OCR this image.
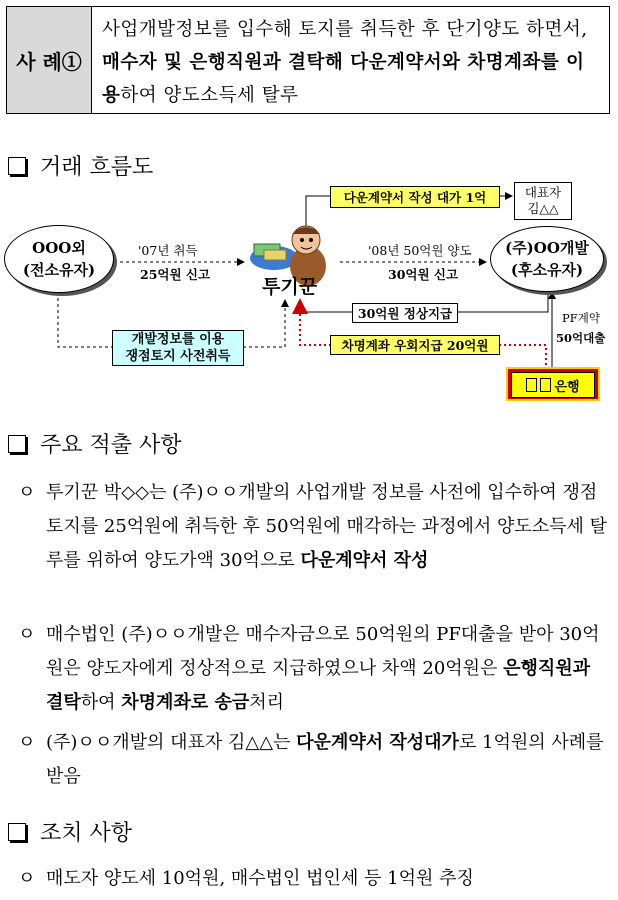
사 례①
사업개발정보를 입수해 토지를 취득한 후 단기양도 하면서, 매수자 및 은행직원과 결탁해 다운계약서와 차명계좌를 이용하여 양도소득세 탈루
거래 흐름도
OOO외
(전소유자)
'07년 취득
25억원 신고
투기꾼
'08년 50억원 양도
30억원 신고
(주)OO개발
(후소유자)
다운계약서 작성 대가 1억	대표자
김△△
30억원 정상지급
차명계좌 우회지급 20억원
PF계약
50억대출
은행
개발정보를 이용
쟁점토지 사전취득
주요 적출 사항
ㅇ 투기꾼 박◇◇는 (주)ㅇㅇ개발의 사업개발 정보를 사전에 입수하여 쟁점토지를 25억원에 취득한 후 50억원에 매각하는 과정에서 양도소득세 탈루를 위하여 양도가액 30억으로 다운계약서 작성
ㅇ 매수법인 (주)ㅇㅇ개발은 매수자금으로 50억원의 PF대출을 받아 30억원은 양도자에게 정상적으로 지급하였으나 차액 20억원은 은행직원과 결탁하여 차명계좌로 송금처리
ㅇ (주)ㅇㅇ개발의 대표자 김△△는 다운계약서 작성대가로 1억원의 사례를 받음
조치 사항
ㅇ 매도자 양도세 10억원, 매수법인 법인세 등 1억원 추징
